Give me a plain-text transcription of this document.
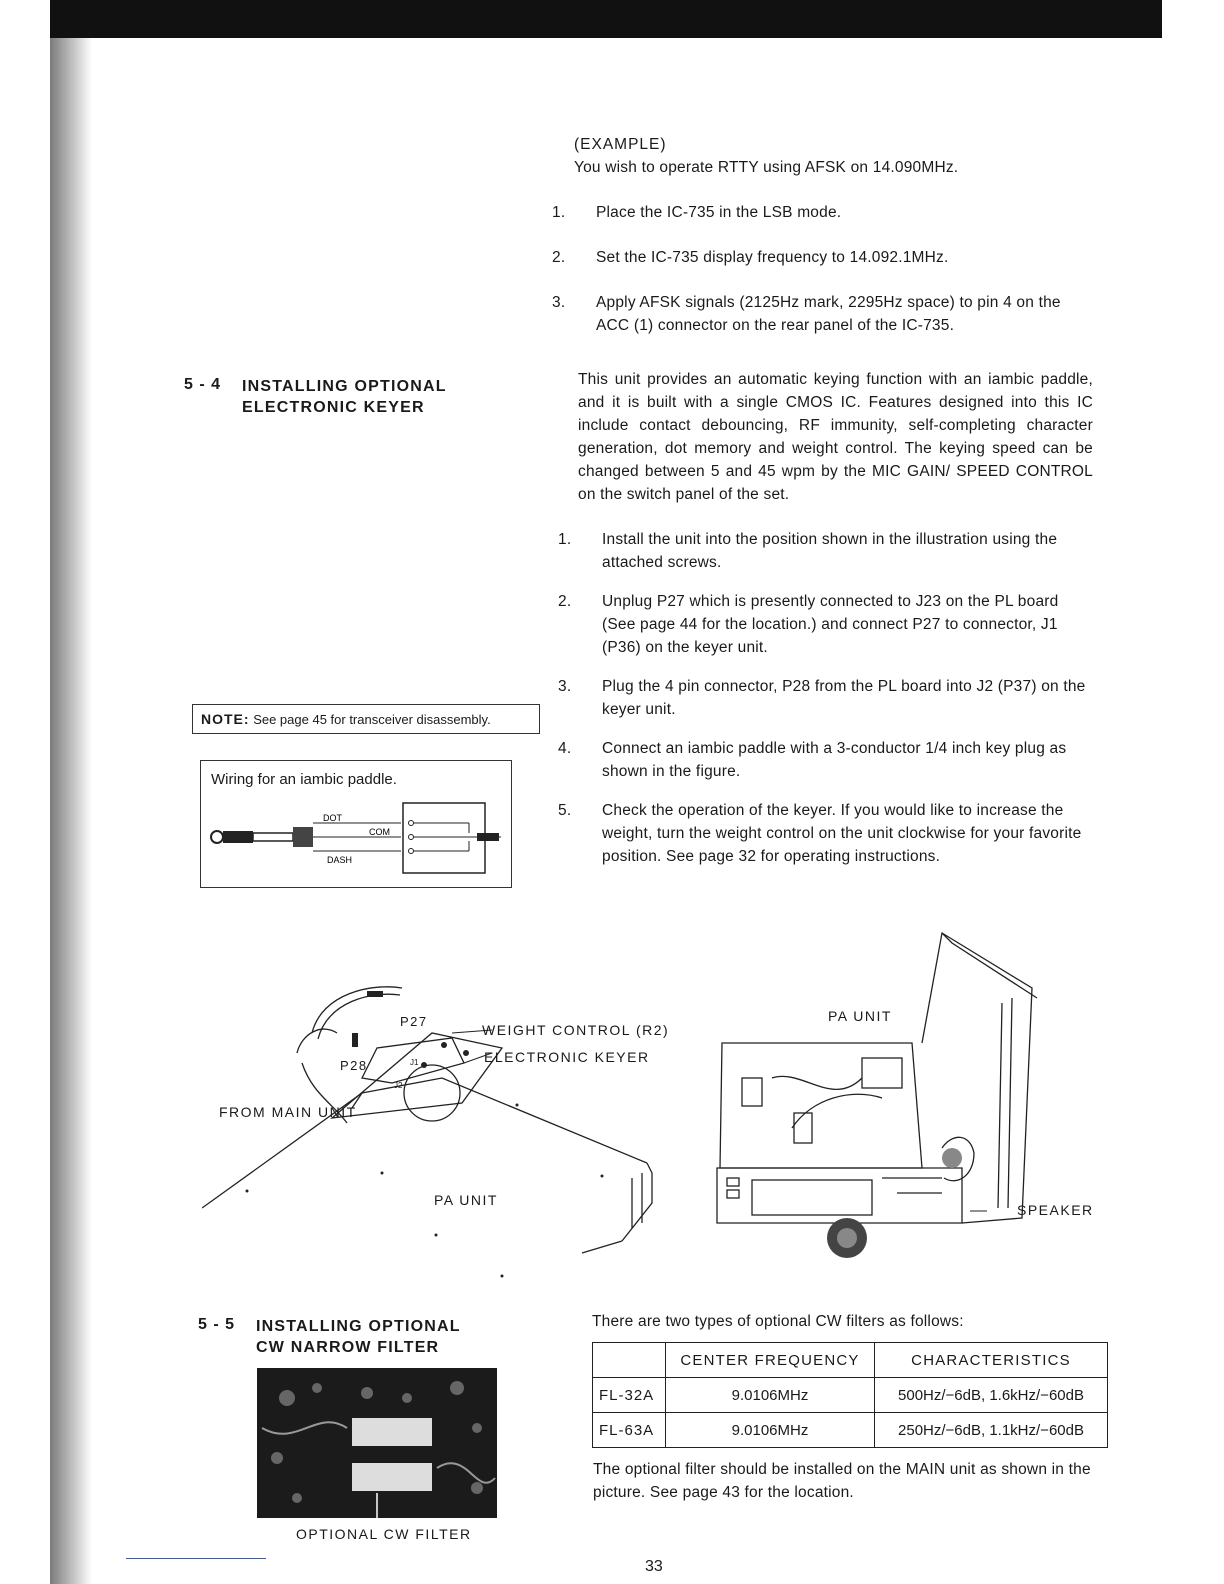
(EXAMPLE)
You wish to operate RTTY using AFSK on 14.090MHz.
1. Place the IC-735 in the LSB mode.
2. Set the IC-735 display frequency to 14.092.1MHz.
3. Apply AFSK signals (2125Hz mark, 2295Hz space) to pin 4 on the ACC (1) connector on the rear panel of the IC-735.
5 - 4 INSTALLING OPTIONAL
ELECTRONIC KEYER
This unit provides an automatic keying function with an iambic paddle, and it is built with a single CMOS IC. Features designed into this IC include contact debouncing, RF immunity, self-completing character generation, dot memory and weight control. The keying speed can be changed between 5 and 45 wpm by the MIC GAIN/ SPEED CONTROL on the switch panel of the set.
1. Install the unit into the position shown in the illustration using the attached screws.
2. Unplug P27 which is presently connected to J23 on the PL board (See page 44 for the location.) and connect P27 to connector, J1 (P36) on the keyer unit.
3. Plug the 4 pin connector, P28 from the PL board into J2 (P37) on the keyer unit.
4. Connect an iambic paddle with a 3-conductor 1/4 inch key plug as shown in the figure.
5. Check the operation of the keyer. If you would like to increase the weight, turn the weight control on the unit clockwise for your favorite position. See page 32 for operating instructions.
NOTE: See page 45 for transceiver disassembly.
Wiring for an iambic paddle.
DOT
COM
DASH
P27
P28	J1
J2
WEIGHT CONTROL (R2)
ELECTRONIC KEYER
FROM MAIN UNIT
PA UNIT
PA UNIT
SPEAKER
5 - 5 INSTALLING OPTIONAL
CW NARROW FILTER
OPTIONAL CW FILTER
There are two types of optional CW filters as follows:
	CENTER FREQUENCY	CHARACTERISTICS
FL-32A	9.0106MHz	500Hz/−6dB, 1.6kHz/−60dB
FL-63A	9.0106MHz	250Hz/−6dB, 1.1kHz/−60dB
The optional filter should be installed on the MAIN unit as shown in the picture. See page 43 for the location.
33
